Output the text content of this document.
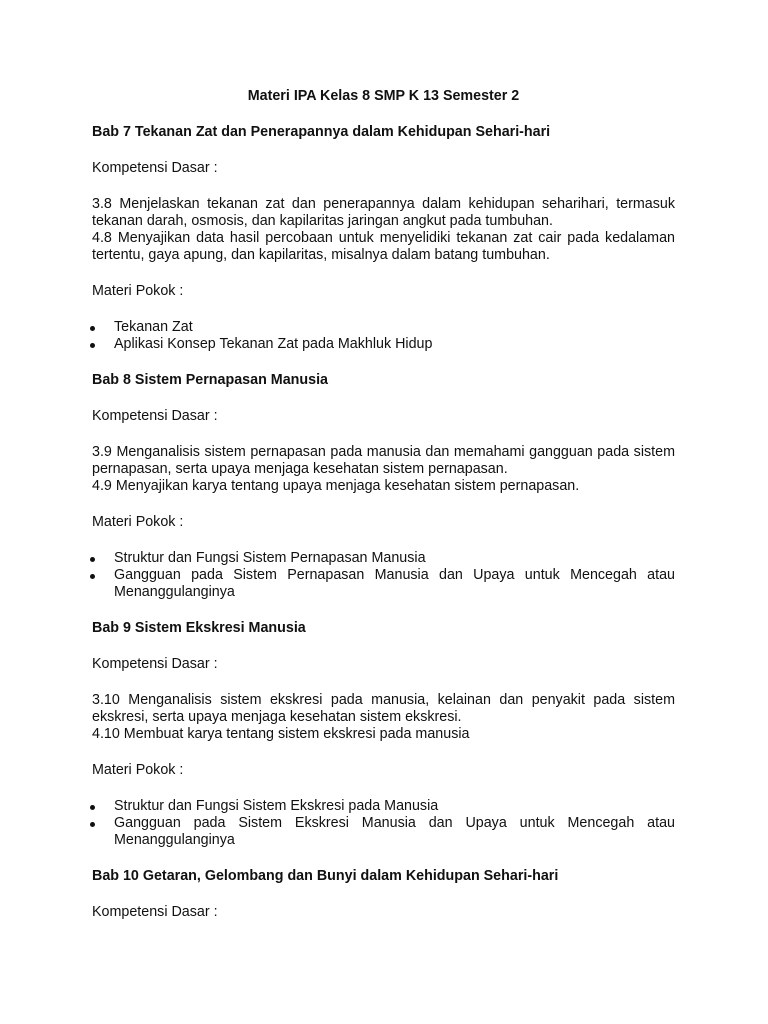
Materi IPA Kelas 8 SMP K 13 Semester 2

Bab 7 Tekanan Zat dan Penerapannya dalam Kehidupan Sehari-hari

Kompetensi Dasar :

3.8 Menjelaskan tekanan zat dan penerapannya dalam kehidupan seharihari, termasuk tekanan darah, osmosis, dan kapilaritas jaringan angkut pada tumbuhan.
4.8 Menyajikan data hasil percobaan untuk menyelidiki tekanan zat cair pada kedalaman tertentu, gaya apung, dan kapilaritas, misalnya dalam batang tumbuhan.

Materi Pokok :

Tekanan Zat
Aplikasi Konsep Tekanan Zat pada Makhluk Hidup

Bab 8 Sistem Pernapasan Manusia

Kompetensi Dasar :

3.9 Menganalisis sistem pernapasan pada manusia dan memahami gangguan pada sistem pernapasan, serta upaya menjaga kesehatan sistem pernapasan.
4.9 Menyajikan karya tentang upaya menjaga kesehatan sistem pernapasan.

Materi Pokok :

Struktur dan Fungsi Sistem Pernapasan Manusia
Gangguan pada Sistem Pernapasan Manusia dan Upaya untuk Mencegah atau Menanggulanginya

Bab 9 Sistem Ekskresi Manusia

Kompetensi Dasar :

3.10 Menganalisis sistem ekskresi pada manusia, kelainan dan penyakit pada sistem ekskresi, serta upaya menjaga kesehatan sistem ekskresi.
4.10 Membuat karya tentang sistem ekskresi pada manusia

Materi Pokok :

Struktur dan Fungsi Sistem Ekskresi pada Manusia
Gangguan pada Sistem Ekskresi Manusia dan Upaya untuk Mencegah atau Menanggulanginya

Bab 10 Getaran, Gelombang dan Bunyi dalam Kehidupan Sehari-hari

Kompetensi Dasar :
